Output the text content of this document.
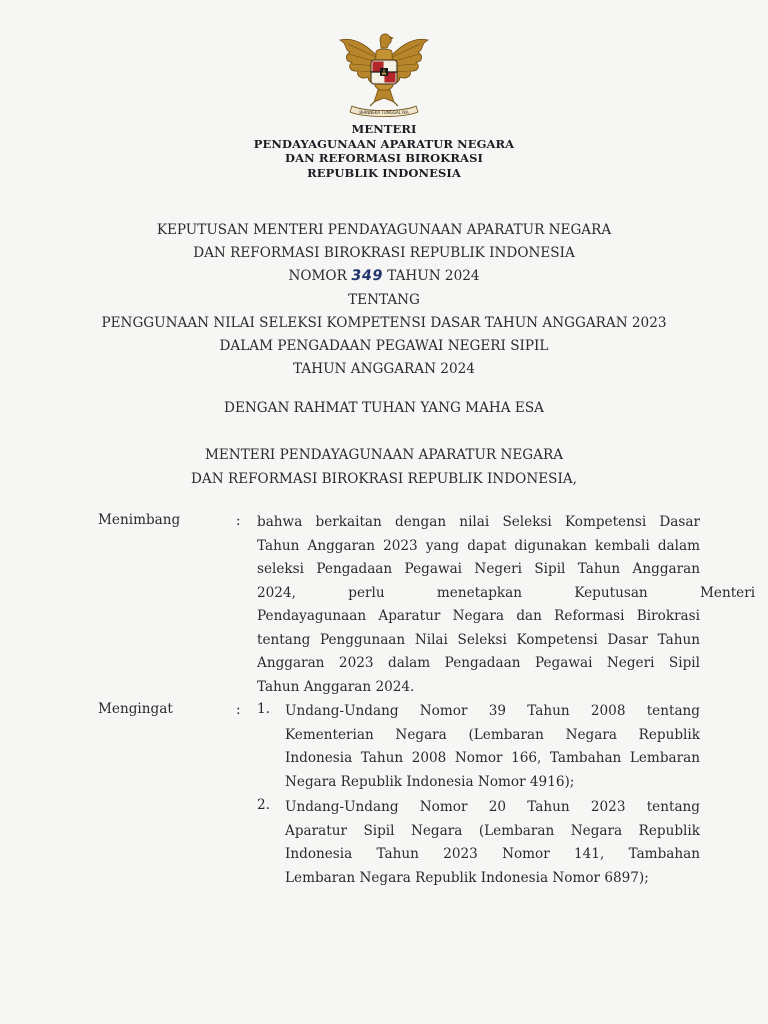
BHINNEKA TUNGGAL IKA
MENTERI
PENDAYAGUNAAN APARATUR NEGARA
DAN REFORMASI BIROKRASI
REPUBLIK INDONESIA
KEPUTUSAN MENTERI PENDAYAGUNAAN APARATUR NEGARA
DAN REFORMASI BIROKRASI REPUBLIK INDONESIA
NOMOR 349 TAHUN 2024
TENTANG
PENGGUNAAN NILAI SELEKSI KOMPETENSI DASAR TAHUN ANGGARAN 2023
DALAM PENGADAAN PEGAWAI NEGERI SIPIL
TAHUN ANGGARAN 2024
DENGAN RAHMAT TUHAN YANG MAHA ESA
MENTERI PENDAYAGUNAAN APARATUR NEGARA
DAN REFORMASI BIROKRASI REPUBLIK INDONESIA,
Menimbang	: bahwa berkaitan dengan nilai Seleksi Kompetensi Dasar
Tahun Anggaran 2023 yang dapat digunakan kembali dalam
seleksi Pengadaan Pegawai Negeri Sipil Tahun Anggaran
2024, perlu menetapkan Keputusan Menteri
Pendayagunaan Aparatur Negara dan Reformasi Birokrasi
tentang Penggunaan Nilai Seleksi Kompetensi Dasar Tahun
Anggaran 2023 dalam Pengadaan Pegawai Negeri Sipil
Tahun Anggaran 2024.
Mengingat	: 1. Undang-Undang Nomor 39 Tahun 2008 tentang
Kementerian Negara (Lembaran Negara Republik
Indonesia Tahun 2008 Nomor 166, Tambahan Lembaran
Negara Republik Indonesia Nomor 4916);
2. Undang-Undang Nomor 20 Tahun 2023 tentang
Aparatur Sipil Negara (Lembaran Negara Republik
Indonesia Tahun 2023 Nomor 141, Tambahan
Lembaran Negara Republik Indonesia Nomor 6897);
